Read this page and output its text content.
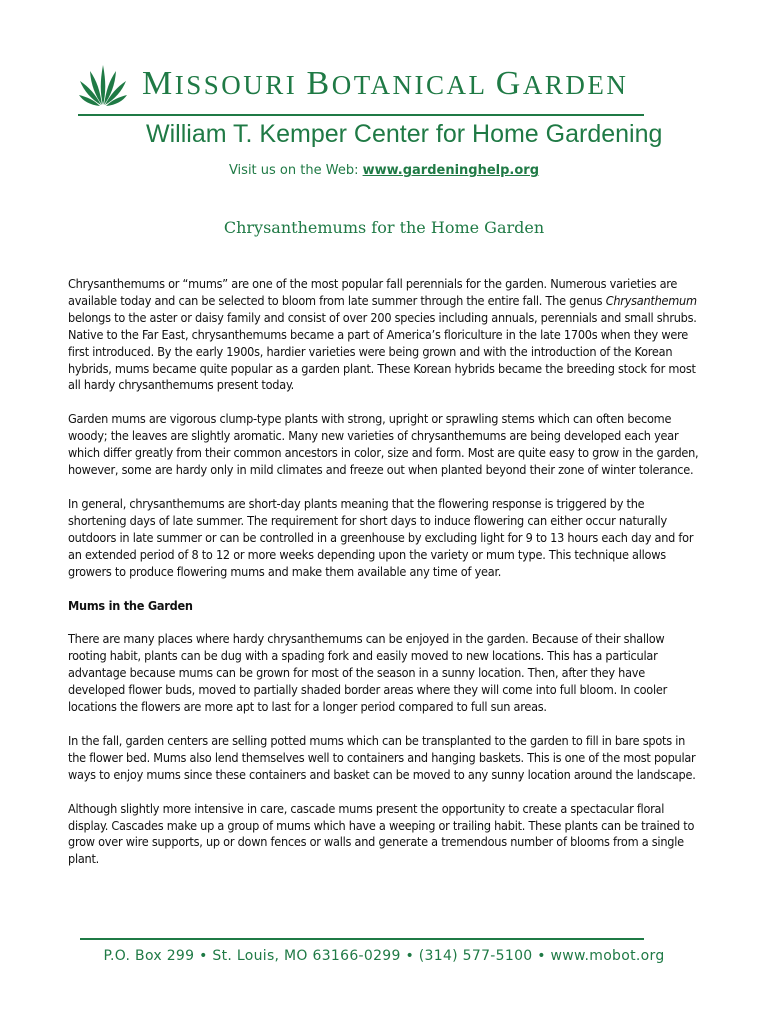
MISSOURI BOTANICAL GARDEN
William T. Kemper Center for Home Gardening
Visit us on the Web: www.gardeninghelp.org
Chrysanthemums for the Home Garden

Chrysanthemums or “mums” are one of the most popular fall perennials for the garden. Numerous varieties are available today and can be selected to bloom from late summer through the entire fall. The genus Chrysanthemum belongs to the aster or daisy family and consist of over 200 species including annuals, perennials and small shrubs. Native to the Far East, chrysanthemums became a part of America’s floriculture in the late 1700s when they were first introduced. By the early 1900s, hardier varieties were being grown and with the introduction of the Korean hybrids, mums became quite popular as a garden plant. These Korean hybrids became the breeding stock for most all hardy chrysanthemums present today.

Garden mums are vigorous clump-type plants with strong, upright or sprawling stems which can often become woody; the leaves are slightly aromatic. Many new varieties of chrysanthemums are being developed each year which differ greatly from their common ancestors in color, size and form. Most are quite easy to grow in the garden, however, some are hardy only in mild climates and freeze out when planted beyond their zone of winter tolerance.

In general, chrysanthemums are short-day plants meaning that the flowering response is triggered by the shortening days of late summer. The requirement for short days to induce flowering can either occur naturally outdoors in late summer or can be controlled in a greenhouse by excluding light for 9 to 13 hours each day and for an extended period of 8 to 12 or more weeks depending upon the variety or mum type. This technique allows growers to produce flowering mums and make them available any time of year.

Mums in the Garden

There are many places where hardy chrysanthemums can be enjoyed in the garden. Because of their shallow rooting habit, plants can be dug with a spading fork and easily moved to new locations. This has a particular advantage because mums can be grown for most of the season in a sunny location. Then, after they have developed flower buds, moved to partially shaded border areas where they will come into full bloom. In cooler locations the flowers are more apt to last for a longer period compared to full sun areas.

In the fall, garden centers are selling potted mums which can be transplanted to the garden to fill in bare spots in the flower bed. Mums also lend themselves well to containers and hanging baskets. This is one of the most popular ways to enjoy mums since these containers and basket can be moved to any sunny location around the landscape.

Although slightly more intensive in care, cascade mums present the opportunity to create a spectacular floral display. Cascades make up a group of mums which have a weeping or trailing habit. These plants can be trained to grow over wire supports, up or down fences or walls and generate a tremendous number of blooms from a single plant.

P.O. Box 299 • St. Louis, MO 63166-0299 • (314) 577-5100 • www.mobot.org
